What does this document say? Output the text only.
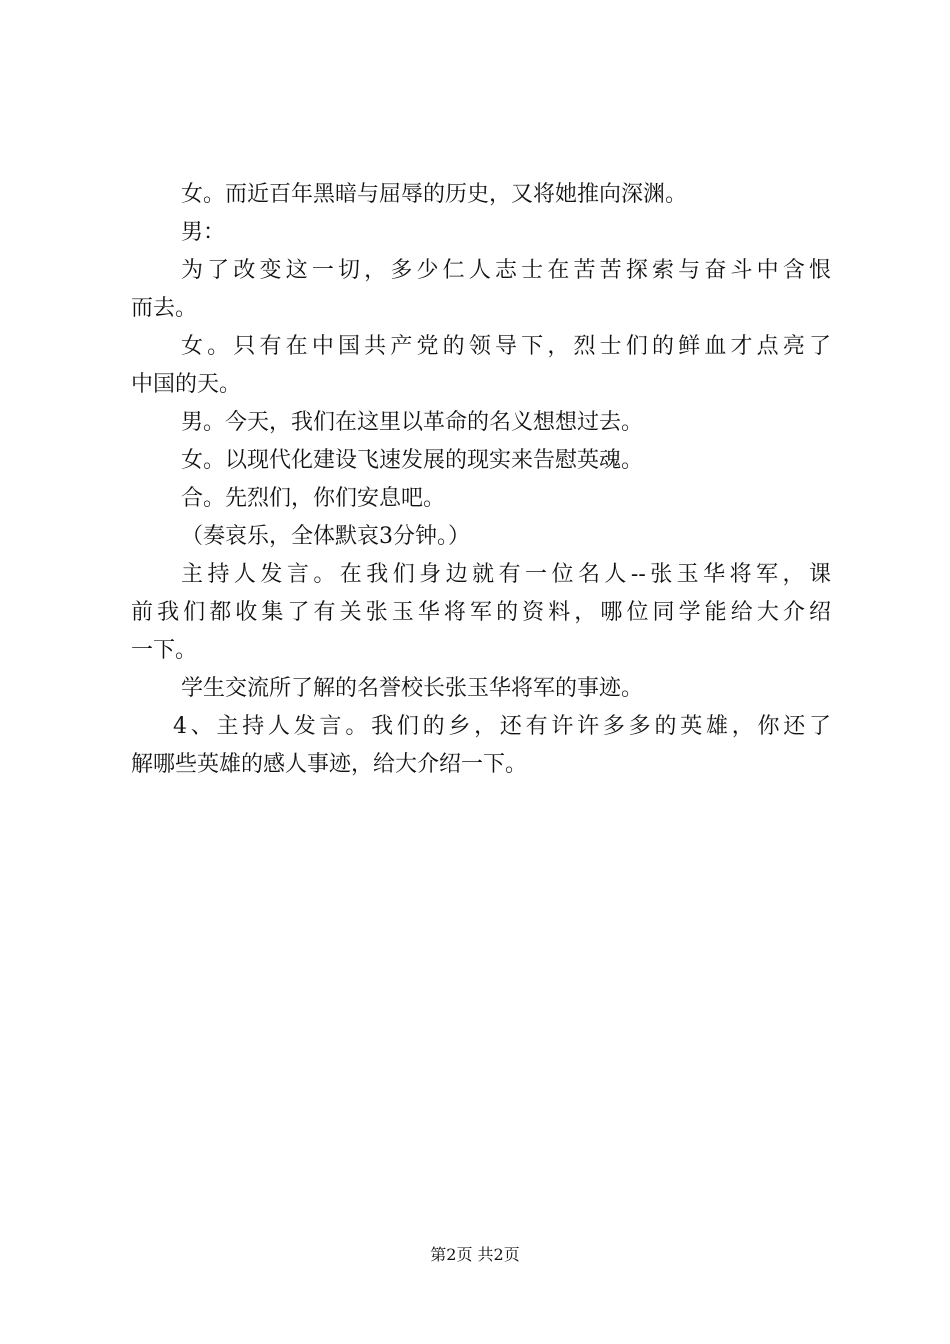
女。而近百年黑暗与屈辱的历史，又将她推向深渊。
男：
为了改变这一切，多少仁人志士在苦苦探索与奋斗中含恨
而去。
女。只有在中国共产党的领导下，烈士们的鲜血才点亮了
中国的天。
男。今天，我们在这里以革命的名义想想过去。
女。以现代化建设飞速发展的现实来告慰英魂。
合。先烈们，你们安息吧。
（奏哀乐，全体默哀3分钟。）
主持人发言。在我们身边就有一位名人--张玉华将军，课
前我们都收集了有关张玉华将军的资料，哪位同学能给大介绍
一下。
学生交流所了解的名誉校长张玉华将军的事迹。
4、主持人发言。我们的乡，还有许许多多的英雄，你还了
解哪些英雄的感人事迹，给大介绍一下。
第2页 共2页
